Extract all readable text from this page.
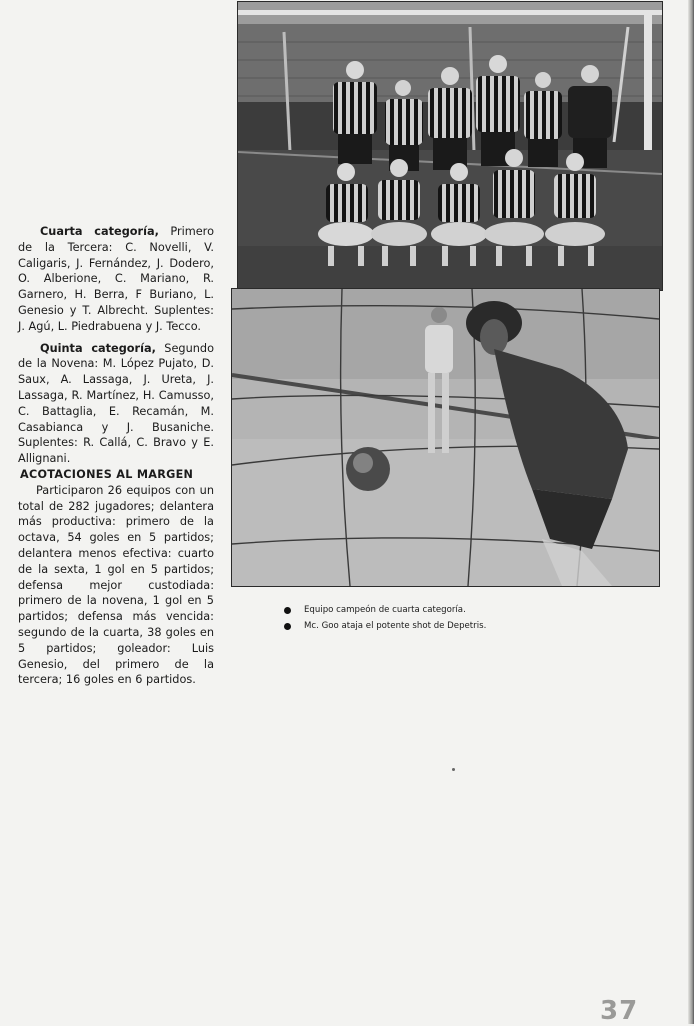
Cuarta categoría, Primero de la Tercera: C. Novelli, V. Caligaris, J. Fernández, J. Dodero, O. Alberione, C. Mariano, R. Garnero, H. Berra, F Buriano, L. Genesio y T. Albrecht. Suplentes: J. Agú, L. Piedrabuena y J. Tecco.

Quinta categoría, Segundo de la Novena: M. López Pujato, D. Saux, A. Lassaga, J. Ureta, J. Lassaga, R. Martínez, H. Camusso, C. Battaglia, E. Recamán, M. Casabianca y J. Busaniche. Suplentes: R. Callá, C. Bravo y E. Allignani.

ACOTACIONES AL MARGEN

Participaron 26 equipos con un total de 282 jugadores; delantera más productiva: primero de la octava, 54 goles en 5 partidos; delantera menos efectiva: cuarto de la sexta, 1 gol en 5 partidos; defensa mejor custodiada: primero de la novena, 1 gol en 5 partidos; defensa más vencida: segundo de la cuarta, 38 goles en 5 partidos; goleador: Luis Genesio, del primero de la tercera; 16 goles en 6 partidos.

Equipo campeón de cuarta categoría.
Mc. Goo ataja el potente shot de Depetris.
37
